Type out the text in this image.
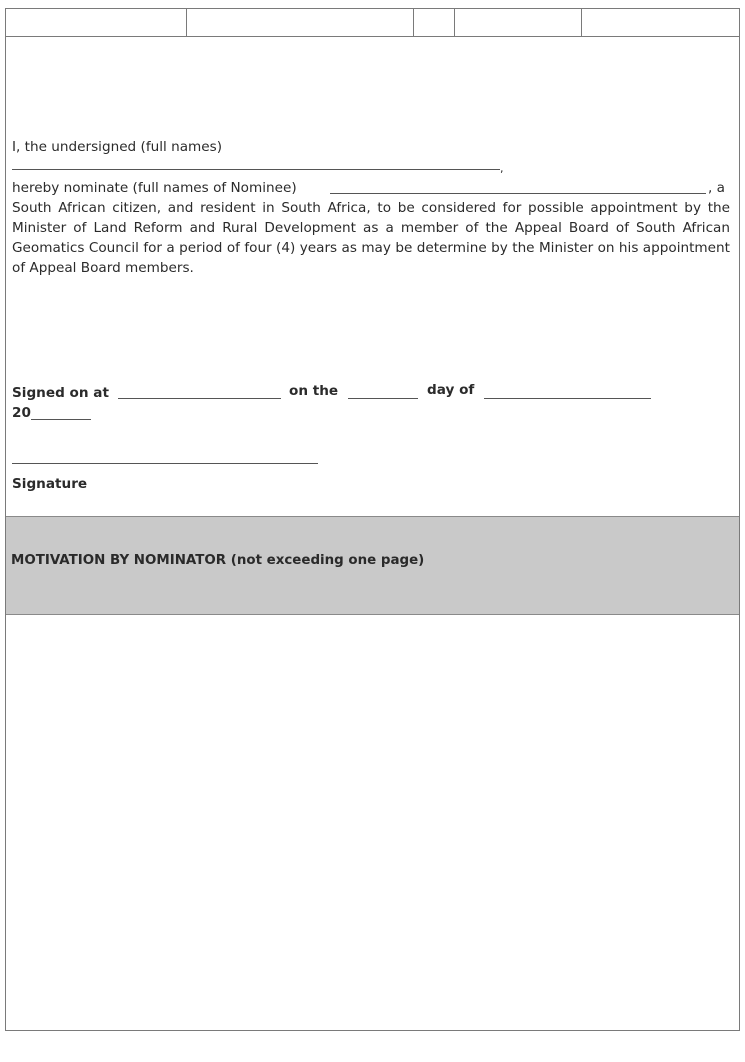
I, the undersigned (full names)
,
hereby nominate (full names of Nominee)	, a
South African citizen, and resident in South Africa, to be considered for possible appointment by the Minister of Land Reform and Rural Development as a member of the Appeal Board of South African Geomatics Council for a period of four (4) years as may be determine by the Minister on his appointment of Appeal Board members.
Signed on at	on the	day of
20
Signature
MOTIVATION BY NOMINATOR (not exceeding one page)
